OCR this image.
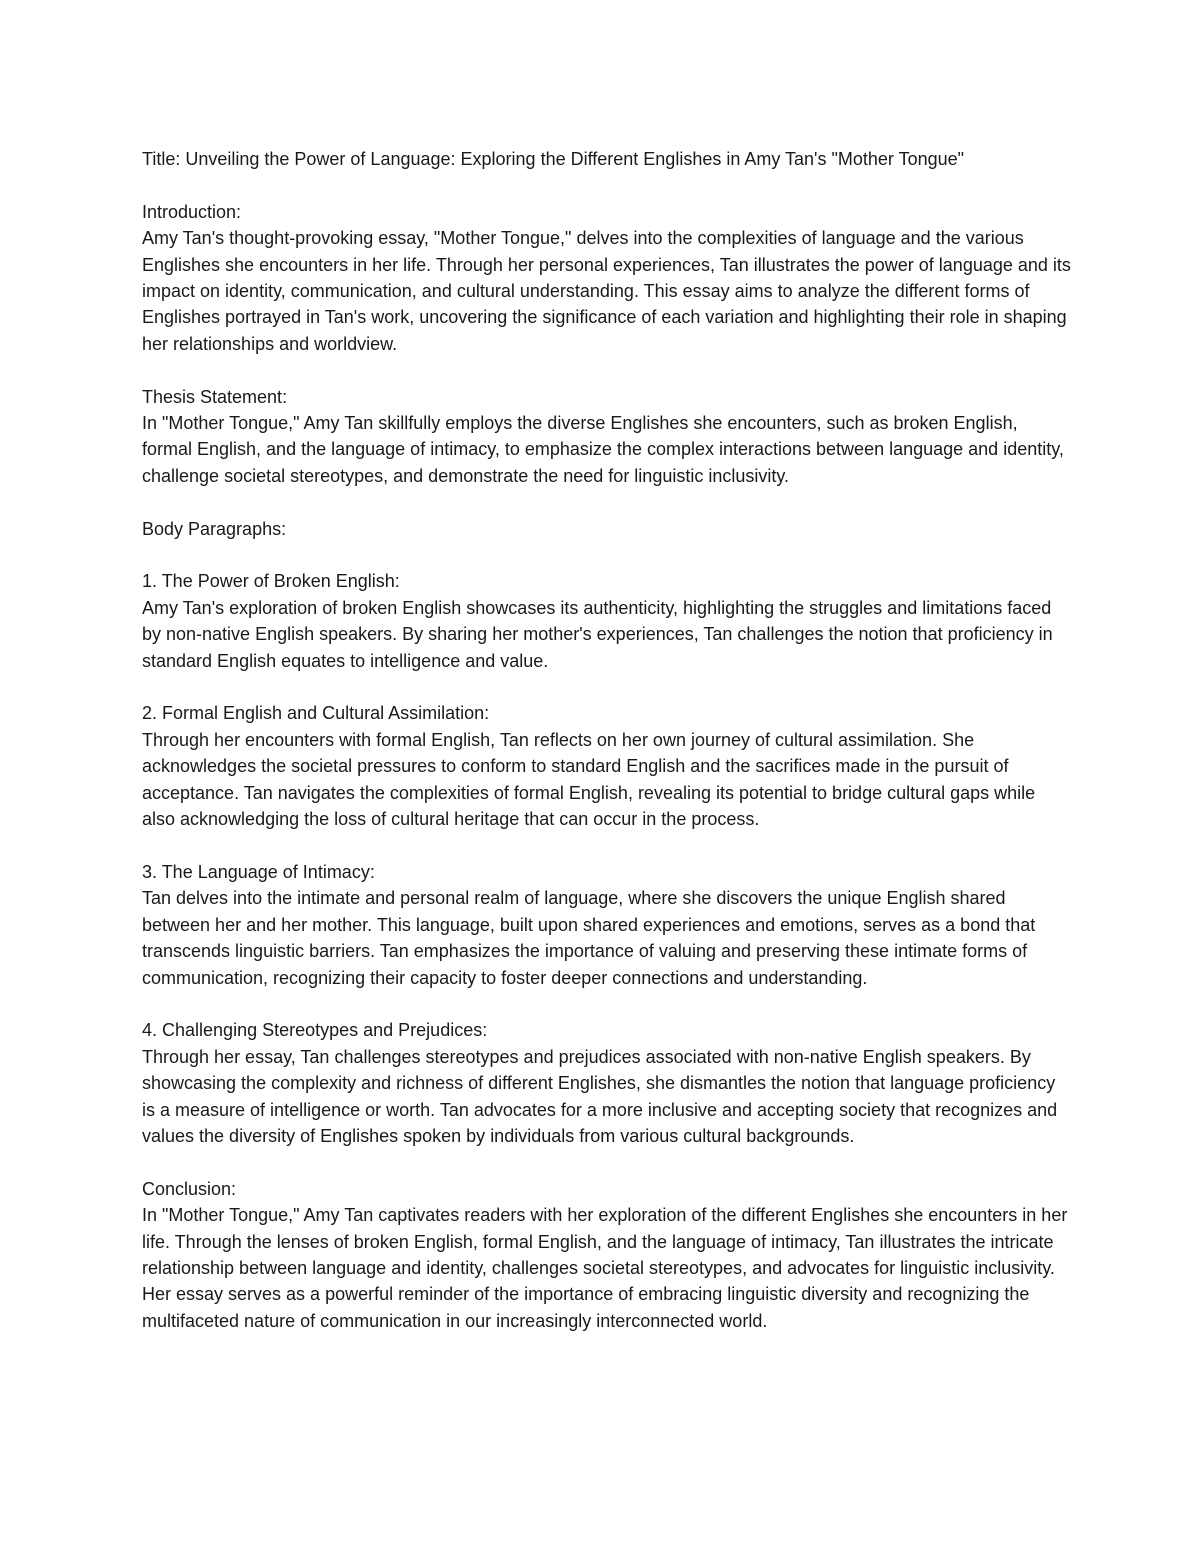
Title: Unveiling the Power of Language: Exploring the Different Englishes in Amy Tan's "Mother Tongue"

Introduction:

Amy Tan's thought-provoking essay, "Mother Tongue," delves into the complexities of language and the various Englishes she encounters in her life. Through her personal experiences, Tan illustrates the power of language and its impact on identity, communication, and cultural understanding. This essay aims to analyze the different forms of Englishes portrayed in Tan's work, uncovering the significance of each variation and highlighting their role in shaping her relationships and worldview.

Thesis Statement:

In "Mother Tongue," Amy Tan skillfully employs the diverse Englishes she encounters, such as broken English, formal English, and the language of intimacy, to emphasize the complex interactions between language and identity, challenge societal stereotypes, and demonstrate the need for linguistic inclusivity.

Body Paragraphs:

1. The Power of Broken English:

Amy Tan's exploration of broken English showcases its authenticity, highlighting the struggles and limitations faced by non-native English speakers. By sharing her mother's experiences, Tan challenges the notion that proficiency in standard English equates to intelligence and value.

2. Formal English and Cultural Assimilation:

Through her encounters with formal English, Tan reflects on her own journey of cultural assimilation. She acknowledges the societal pressures to conform to standard English and the sacrifices made in the pursuit of acceptance. Tan navigates the complexities of formal English, revealing its potential to bridge cultural gaps while also acknowledging the loss of cultural heritage that can occur in the process.

3. The Language of Intimacy:

Tan delves into the intimate and personal realm of language, where she discovers the unique English shared between her and her mother. This language, built upon shared experiences and emotions, serves as a bond that transcends linguistic barriers. Tan emphasizes the importance of valuing and preserving these intimate forms of communication, recognizing their capacity to foster deeper connections and understanding.

4. Challenging Stereotypes and Prejudices:

Through her essay, Tan challenges stereotypes and prejudices associated with non-native English speakers. By showcasing the complexity and richness of different Englishes, she dismantles the notion that language proficiency is a measure of intelligence or worth. Tan advocates for a more inclusive and accepting society that recognizes and values the diversity of Englishes spoken by individuals from various cultural backgrounds.

Conclusion:

In "Mother Tongue," Amy Tan captivates readers with her exploration of the different Englishes she encounters in her life. Through the lenses of broken English, formal English, and the language of intimacy, Tan illustrates the intricate relationship between language and identity, challenges societal stereotypes, and advocates for linguistic inclusivity. Her essay serves as a powerful reminder of the importance of embracing linguistic diversity and recognizing the multifaceted nature of communication in our increasingly interconnected world.
